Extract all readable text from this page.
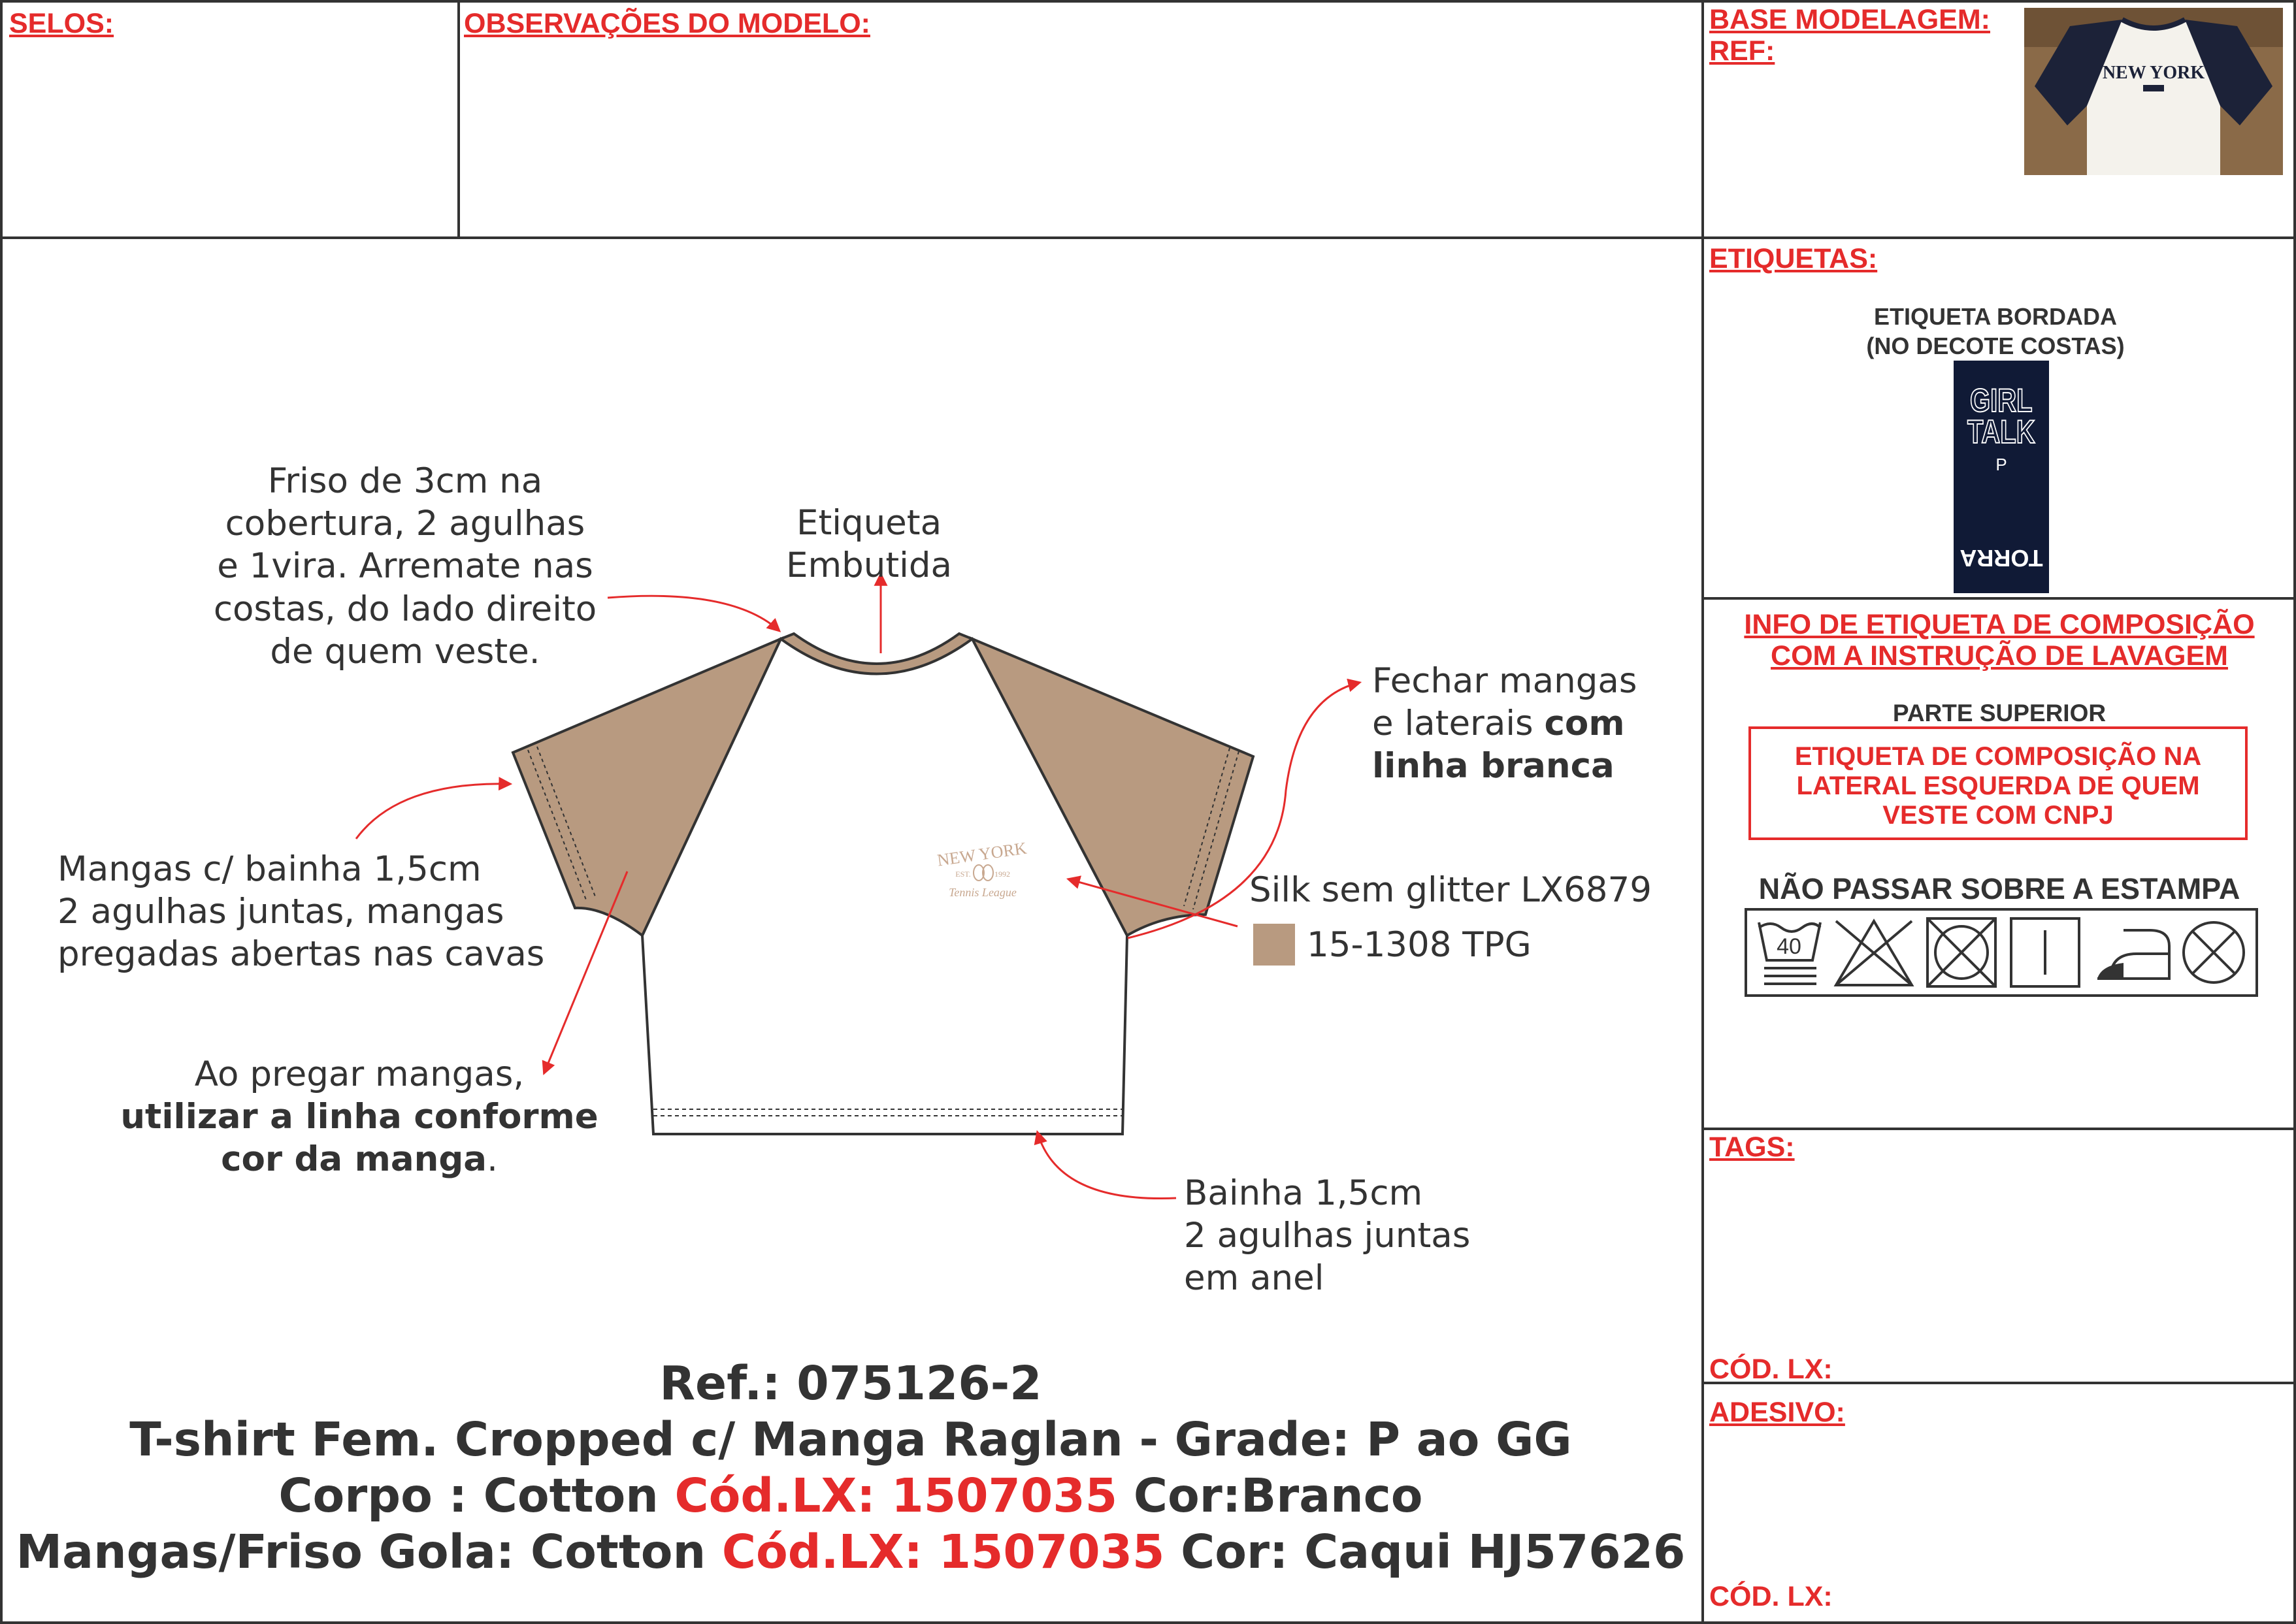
SELOS:	OBSERVAÇÕES DO MODELO:	BASE MODELAGEM:
REF:
ETIQUETAS:
TAGS:
CÓD. LX:
ADESIVO:
CÓD. LX:
NEW YORK
ETIQUETA BORDADA
(NO DECOTE COSTAS)
GIRL
TALK
P
TORRA
INFO DE ETIQUETA DE COMPOSIÇÃO
COM A INSTRUÇÃO DE LAVAGEM
PARTE SUPERIOR
ETIQUETA DE COMPOSIÇÃO NA
LATERAL ESQUERDA DE QUEM
VESTE COM CNPJ
NÃO PASSAR SOBRE A ESTAMPA
40
NEW YORK
EST.	1992
Tennis League
Friso de 3cm na
cobertura, 2 agulhas
e 1vira. Arremate nas
costas, do lado direito
de quem veste.
Etiqueta
Embutida
Fechar mangas
e laterais com
linha branca
Mangas c/ bainha 1,5cm
2 agulhas juntas, mangas
pregadas abertas nas cavas
Silk sem glitter LX6879
15-1308 TPG
Ao pregar mangas,
utilizar a linha conforme
cor da manga.
Bainha 1,5cm
2 agulhas juntas
em anel
Ref.: 075126-2
T-shirt Fem. Cropped c/ Manga Raglan - Grade: P ao GG
Corpo : Cotton Cód.LX: 1507035 Cor:Branco
Mangas/Friso Gola: Cotton Cód.LX: 1507035 Cor: Caqui HJ57626
